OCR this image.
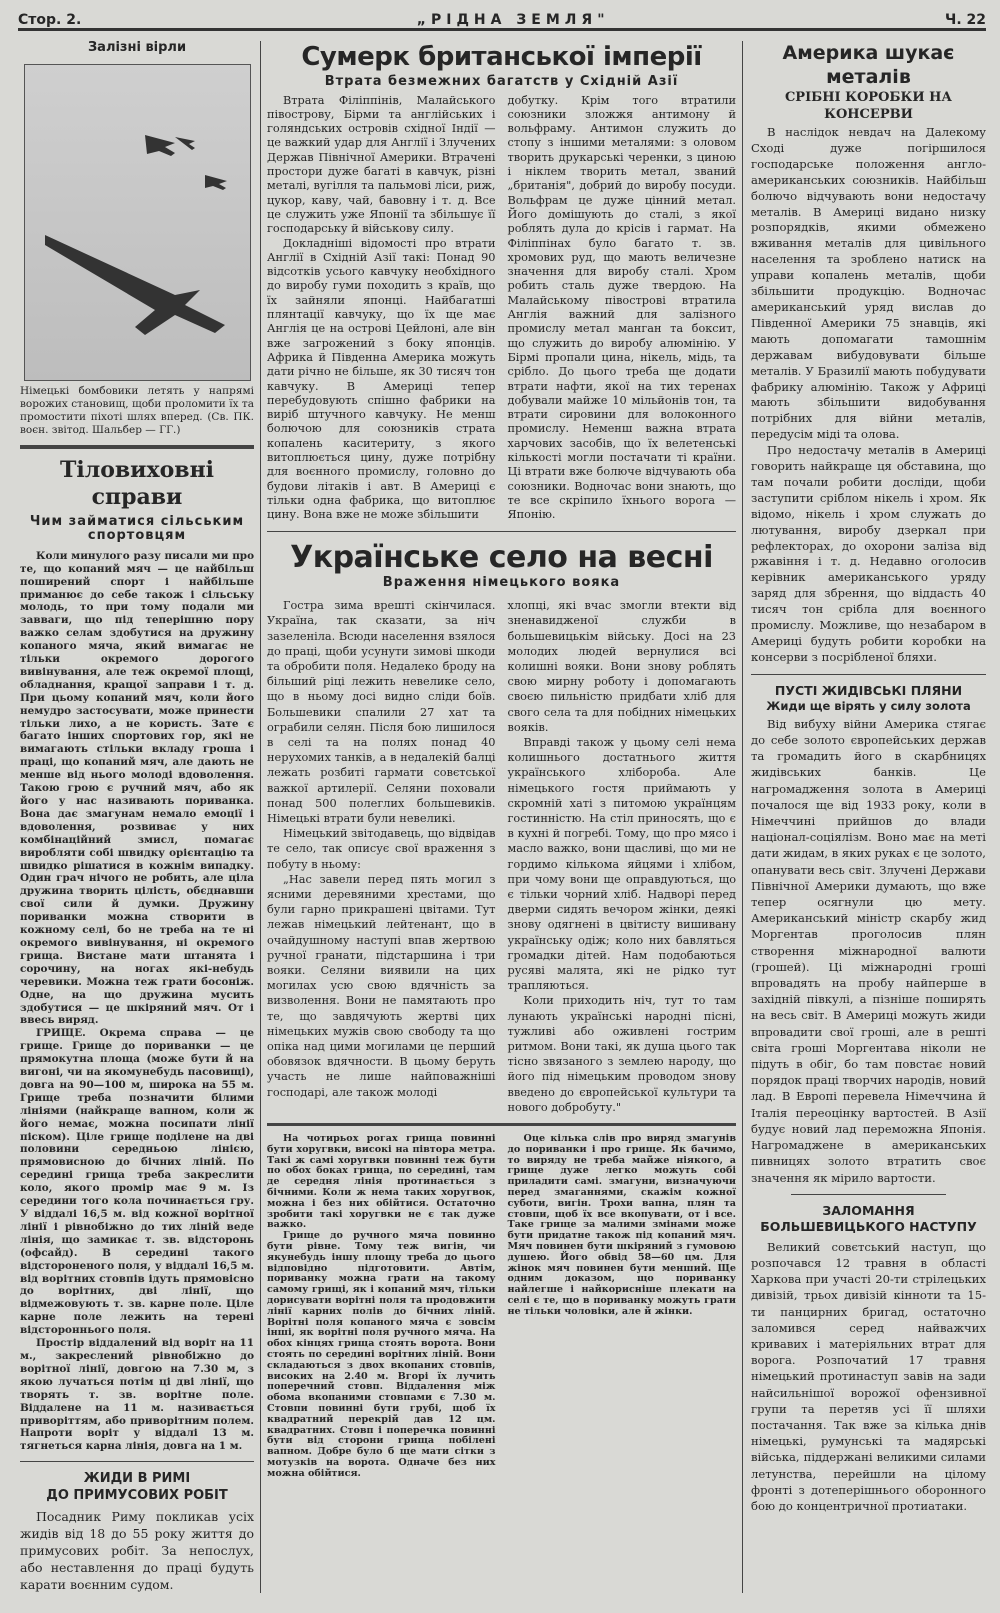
Стор. 2.	„РІДНА ЗЕМЛЯ"	Ч. 22
Залізні вірли

Німецькі бомбовики летять у напрямі ворожих становищ, щоби проломити їх та промостити піхоті шлях вперед. (Св. ПК. воєн. звітод. Шальбер — ГГ.)

Тіловиховні справи
Чим займатися сільським спортовцям

Коли минулого разу писали ми про те, що копаний мяч — це найбільш поширений спорт і найбільше приманює до себе також і сільську молодь, то при тому подали ми завваги, що під теперішню пору важко селам здобутися на дружину копаного мяча, який вимагає не тільки окремого дорогого вивінування, але теж окремої площі, обладнання, кращої заправи і т. д. При цьому копаний мяч, коли його немудро застосувати, може принести тільки лихо, а не користь. Зате є багато інших спортових гор, які не вимагають стільки вкладу гроша і праці, що копаний мяч, але дають не менше від нього молоді вдоволення. Такою грою є ручний мяч, або як його у нас називають пориванка. Вона дає змагунам немало емоції і вдоволення, розвиває у них комбінаційний змисл, помагає виробляти собі швидку орієнтацію та швидко рішатися в кожнім випадку. Один грач нічого не робить, але ціла дружина творить цілість, обєднавши свої сили й думки. Дружину пориванки можна створити в кожному селі, бо не треба на те ні окремого вивінування, ні окремого грища. Вистане мати штанята і сорочину, на ногах які-небудь черевики. Можна теж грати босоніж. Одне, на що дружина мусить здобутися — це шкіряний мяч. От і ввесь виряд.

ГРИЩЕ. Окрема справа — це грище. Грище до пориванки — це прямокутна площа (може бути й на вигоні, чи на якомунебудь пасовищі), довга на 90—100 м, широка на 55 м. Грище треба позначити білими лініями (найкраще вапном, коли ж його немає, можна посипати лінії піском). Ціле грище поділене на дві половини середньою лінією, прямовисною до бічних ліній. По середині грища треба закреслити коло, якого промір має 9 м. Із середини того кола починається гру. У віддалі 16,5 м. від кожної ворітної лінії і рівнобіжно до тих ліній веде лінія, що замикає т. зв. відсторонь (офсайд). В середині такого відстороненого поля, у віддалі 16,5 м. від ворітних стовпів ідуть прямовісно до ворітних, дві лінії, що відмежовують т. зв. карне поле. Ціле карне поле лежить на терені відстороннього поля.

Простір віддалений від воріт на 11 м., закреслений рівнобіжно до ворітної лінії, довгою на 7.30 м, з якою лучаться потім ці дві лінії, що творять т. зв. ворітне поле. Віддалене на 11 м. називається приворіттям, або приворітним полем. Напроти воріт у віддалі 13 м. тягнеться карна лінія, довга на 1 м.

ЖИДИ В РИМІ
ДО ПРИМУСОВИХ РОБІТ

Посадник Риму покликав усіх жидів від 18 до 55 року життя до примусових робіт. За непослух, або неставлення до праці будуть карати воєнним судом.

Сумерк британської імперії
Втрата безмежних багатств у Східній Азії

Втрата Філіппінів, Малайського півострову, Бірми та англійських і голяндських островів східної Індії — це важкий удар для Англії і Злучених Держав Північної Америки. Втрачені простори дуже багаті в кавчук, різні металі, вугілля та пальмові ліси, риж, цукор, каву, чай, бавовну і т. д. Все це служить уже Японії та збільшує її господарську й військову силу.

Докладніші відомості про втрати Англії в Східній Азії такі: Понад 90 відсотків усього кавчуку необхідного до виробу гуми походить з країв, що їх зайняли японці. Найбагатші плянтації кавчуку, що їх ще має Англія це на острові Цейлоні, але він вже загрожений з боку японців. Африка й Південна Америка можуть дати річно не більше, як 30 тисяч тон кавчуку. В Америці тепер перебудовують спішно фабрики на виріб штучного кавчуку. Не менш болючою для союзників страта копалень каситериту, з якого витоплюється цину, дуже потрібну для воєнного промислу, головно до будови літаків і авт. В Америці є тільки одна фабрика, що витоплює цину. Вона вже не може збільшити

добутку. Крім того втратили союзники зложжя антимону й вольфраму. Антимон служить до стопу з іншими металями: з оловом творить друкарські черенки, з циною і ніклем творить метал, званий „британія", добрий до виробу посуди. Вольфрам це дуже цінний метал. Його домішують до сталі, з якої роблять дула до крісів і гармат. На Філіппінах було багато т. зв. хромових руд, що мають величезне значення для виробу сталі. Хром робить сталь дуже твердою. На Малайському півострові втратила Англія важний для залізного промислу метал манган та боксит, що служить до виробу алюмінію. У Бірмі пропали цина, нікель, мідь, та срібло. До цього треба ще додати втрати нафти, якої на тих теренах добували майже 10 мільйонів тон, та втрати сировини для волоконного промислу. Неменш важна втрата харчових засобів, що їх велетенські кількості могли постачати ті країни. Ці втрати вже болюче відчувають оба союзники. Водночас вони знають, що те все скріпило їхнього ворога — Японію.

Українське село на весні
Враження німецького вояка

Гостра зима врешті скінчилася. Україна, так сказати, за ніч зазеленіла. Всюди населення взялося до праці, щоби усунути зимові шкоди та обробити поля. Недалеко броду на більший ріці лежить невелике село, що в ньому досі видно сліди боїв. Большевики спалили 27 хат та ограбили селян. Після бою лишилося в селі та на полях понад 40 нерухомих танків, а в недалекій балці лежать розбиті гармати совєтської важкої артилерії. Селяни поховали понад 500 полеглих большевиків. Німецькі втрати були невеликі.

Німецький звітодавець, що відвідав те село, так описує свої враження з побуту в ньому:

„Нас завели перед пять могил з ясними деревяними хрестами, що були гарно прикрашені цвітами. Тут лежав німецький лейтенант, що в очайдушному наступі впав жертвою ручної гранати, підстаршина і три вояки. Селяни виявили на цих могилах усю свою вдячність за визволення. Вони не памятають про те, що завдячують жертві цих німецьких мужів свою свободу та що опіка над цими могилами це перший обовязок вдячности. В цьому беруть участь не лише найповажніші господарі, але також молоді

хлопці, які вчас змогли втекти від зненавидженої служби в большевицькім війську. Досі на 23 молодих людей вернулися всі колишні вояки. Вони знову роблять свою мирну роботу і допомагають своєю пильністю придбати хліб для свого села та для побідних німецьких вояків.

Вправді також у цьому селі нема колишнього достатнього життя українського хлібороба. Але німецького гостя приймають у скромній хаті з питомою українцям гостинністю. На стіл приносять, що є в кухні й погребі. Тому, що про мясо і масло важко, вони щасливі, що ми не гордимо кількома яйцями і хлібом, при чому вони ще оправдуються, що є тільки чорний хліб. Надворі перед дверми сидять вечором жінки, деякі знову одягнені в цвітисту вишивану українську одіж; коло них бавляться громадки дітей. Нам подобаються русяві малята, які не рідко тут трапляються.

Коли приходить ніч, тут то там лунають українські народні пісні, тужливі або оживлені гострим ритмом. Вони такі, як душа цього так тісно звязаного з землею народу, що його під німецьким проводом знову введено до європейської культури та нового добробуту."

На чотирьох рогах грища повинні бути хоругвки, високі на півтора метра. Такі ж самі хоругвки повинні теж бути по обох боках грища, по середині, там де середня лінія протинається з бічними. Коли ж нема таких хоругвок, можна і без них обійтися. Остаточно зробити такі хоругвки не є так дуже важко.

Грище до ручного мяча повинно бути рівне. Тому теж вигін, чи якунебудь іншу площу треба до цього відповідно підготовити. Автім, пориванку можна грати на такому самому грищі, як і копаний мяч, тільки дорисувати ворітні поля та продовжити лінії карних полів до бічних ліній. Ворітні поля копаного мяча є зовсім інші, як ворітні поля ручного мяча. На обох кінцях грища стоять ворота. Вони стоять по середині ворітних ліній. Вони складаються з двох вкопаних стовпів, високих на 2.40 м. Вгорі їх лучить поперечний стовп. Віддалення між обома вкопаними стовпами є 7.30 м. Стовпи повинні бути грубі, щоб їх квадратний перекрій дав 12 цм. квадратних. Стовп і поперечка повинні бути від сторони грища побілені вапном. Добре було б ще мати сітки з мотузків на ворота. Одначе без них можна обійтися.

Оце кілька слів про виряд змагунів до пориванки і про грище. Як бачимо, то виряду не треба майже ніякого, а грище дуже легко можуть собі приладити самі. змагуни, визначуючи перед змаганнями, скажім кожної суботи, вигін. Трохи вапна, плян та стовпи, щоб їх все вкопувати, от і все. Таке грище за малими змінами може бути придатне також під копаний мяч. Мяч повинен бути шкіряний з гумовою душею. Його обвід 58—60 цм. Для жінок мяч повинен бути менший. Ще одним доказом, що пориванку найлегше і найкорисніше плекати на селі є те, що в пориванку можуть грати не тільки чоловіки, але й жінки.

Америка шукає металів
СРІБНІ КОРОБКИ НА КОНСЕРВИ

В наслідок невдач на Далекому Сході дуже погіршилося господарське положення англо-американських союзників. Найбільш болючо відчувають вони недостачу металів. В Америці видано низку розпорядків, якими обмежено вживання металів для цивільного населення та зроблено натиск на управи копалень металів, щоби збільшити продукцію. Водночас американський уряд вислав до Південної Америки 75 знавців, які мають допомагати тамошнім державам вибудовувати більше металів. У Бразилії мають побудувати фабрику алюмінію. Також у Африці мають збільшити видобування потрібних для війни металів, передусім міді та олова.

Про недостачу металів в Америці говорить найкраще ця обставина, що там почали робити досліди, щоби заступити сріблом нікель і хром. Як відомо, нікель і хром служать до лютування, виробу дзеркал при рефлекторах, до охорони заліза від ржавіння і т. д. Недавно оголосив керівник американського уряду заряд для збрення, що віддасть 40 тисяч тон срібла для воєнного промислу. Можливе, що незабаром в Америці будуть робити коробки на консерви з посрібленої бляхи.

ПУСТІ ЖИДІВСЬКІ ПЛЯНИ
Жиди ще вірять у силу золота

Від вибуху війни Америка стягає до себе золото європейських держав та громадить його в скарбницях жидівських банків. Це нагромадження золота в Америці почалося ще від 1933 року, коли в Німеччині прийшов до влади націонал-соціялізм. Воно має на меті дати жидам, в яких руках є це золото, опанувати весь світ. Злучені Держави Північної Америки думають, що вже тепер осягнули цю мету. Американський міністр скарбу жид Моргентав проголосив плян створення міжнародної валюти (грошей). Ці міжнародні гроші впровадять на пробу найперше в західній півкулі, а пізніше поширять на весь світ. В Америці можуть жиди впровадити свої гроші, але в решті світа гроші Моргентава ніколи не підуть в обіг, бо там повстає новий порядок праці творчих народів, новий лад. В Европі перевела Німеччина й Італія переоцінку вартостей. В Азії будує новий лад переможна Японія. Нагромаджене в американських пивницях золото втратить своє значення як мірило вартости.

ЗАЛОМАННЯ БОЛЬШЕВИЦЬКОГО НАСТУПУ

Великий совєтський наступ, що розпочався 12 травня в області Харкова при участі 20-ти стрілецьких дивізій, трьох дивізій кінноти та 15-ти панцирних бригад, остаточно заломився серед найважчих кривавих і матеріяльних втрат для ворога. Розпочатий 17 травня німецький протинаступ завів на зади найсильнішої ворожої офензивної групи та перетяв усі її шляхи постачання. Так вже за кілька днів німецькі, румунські та мадярські війська, піддержані великими силами летунства, перейшли на цілому фронті з дотеперішнього оборонного бою до концентричної протиатаки.
